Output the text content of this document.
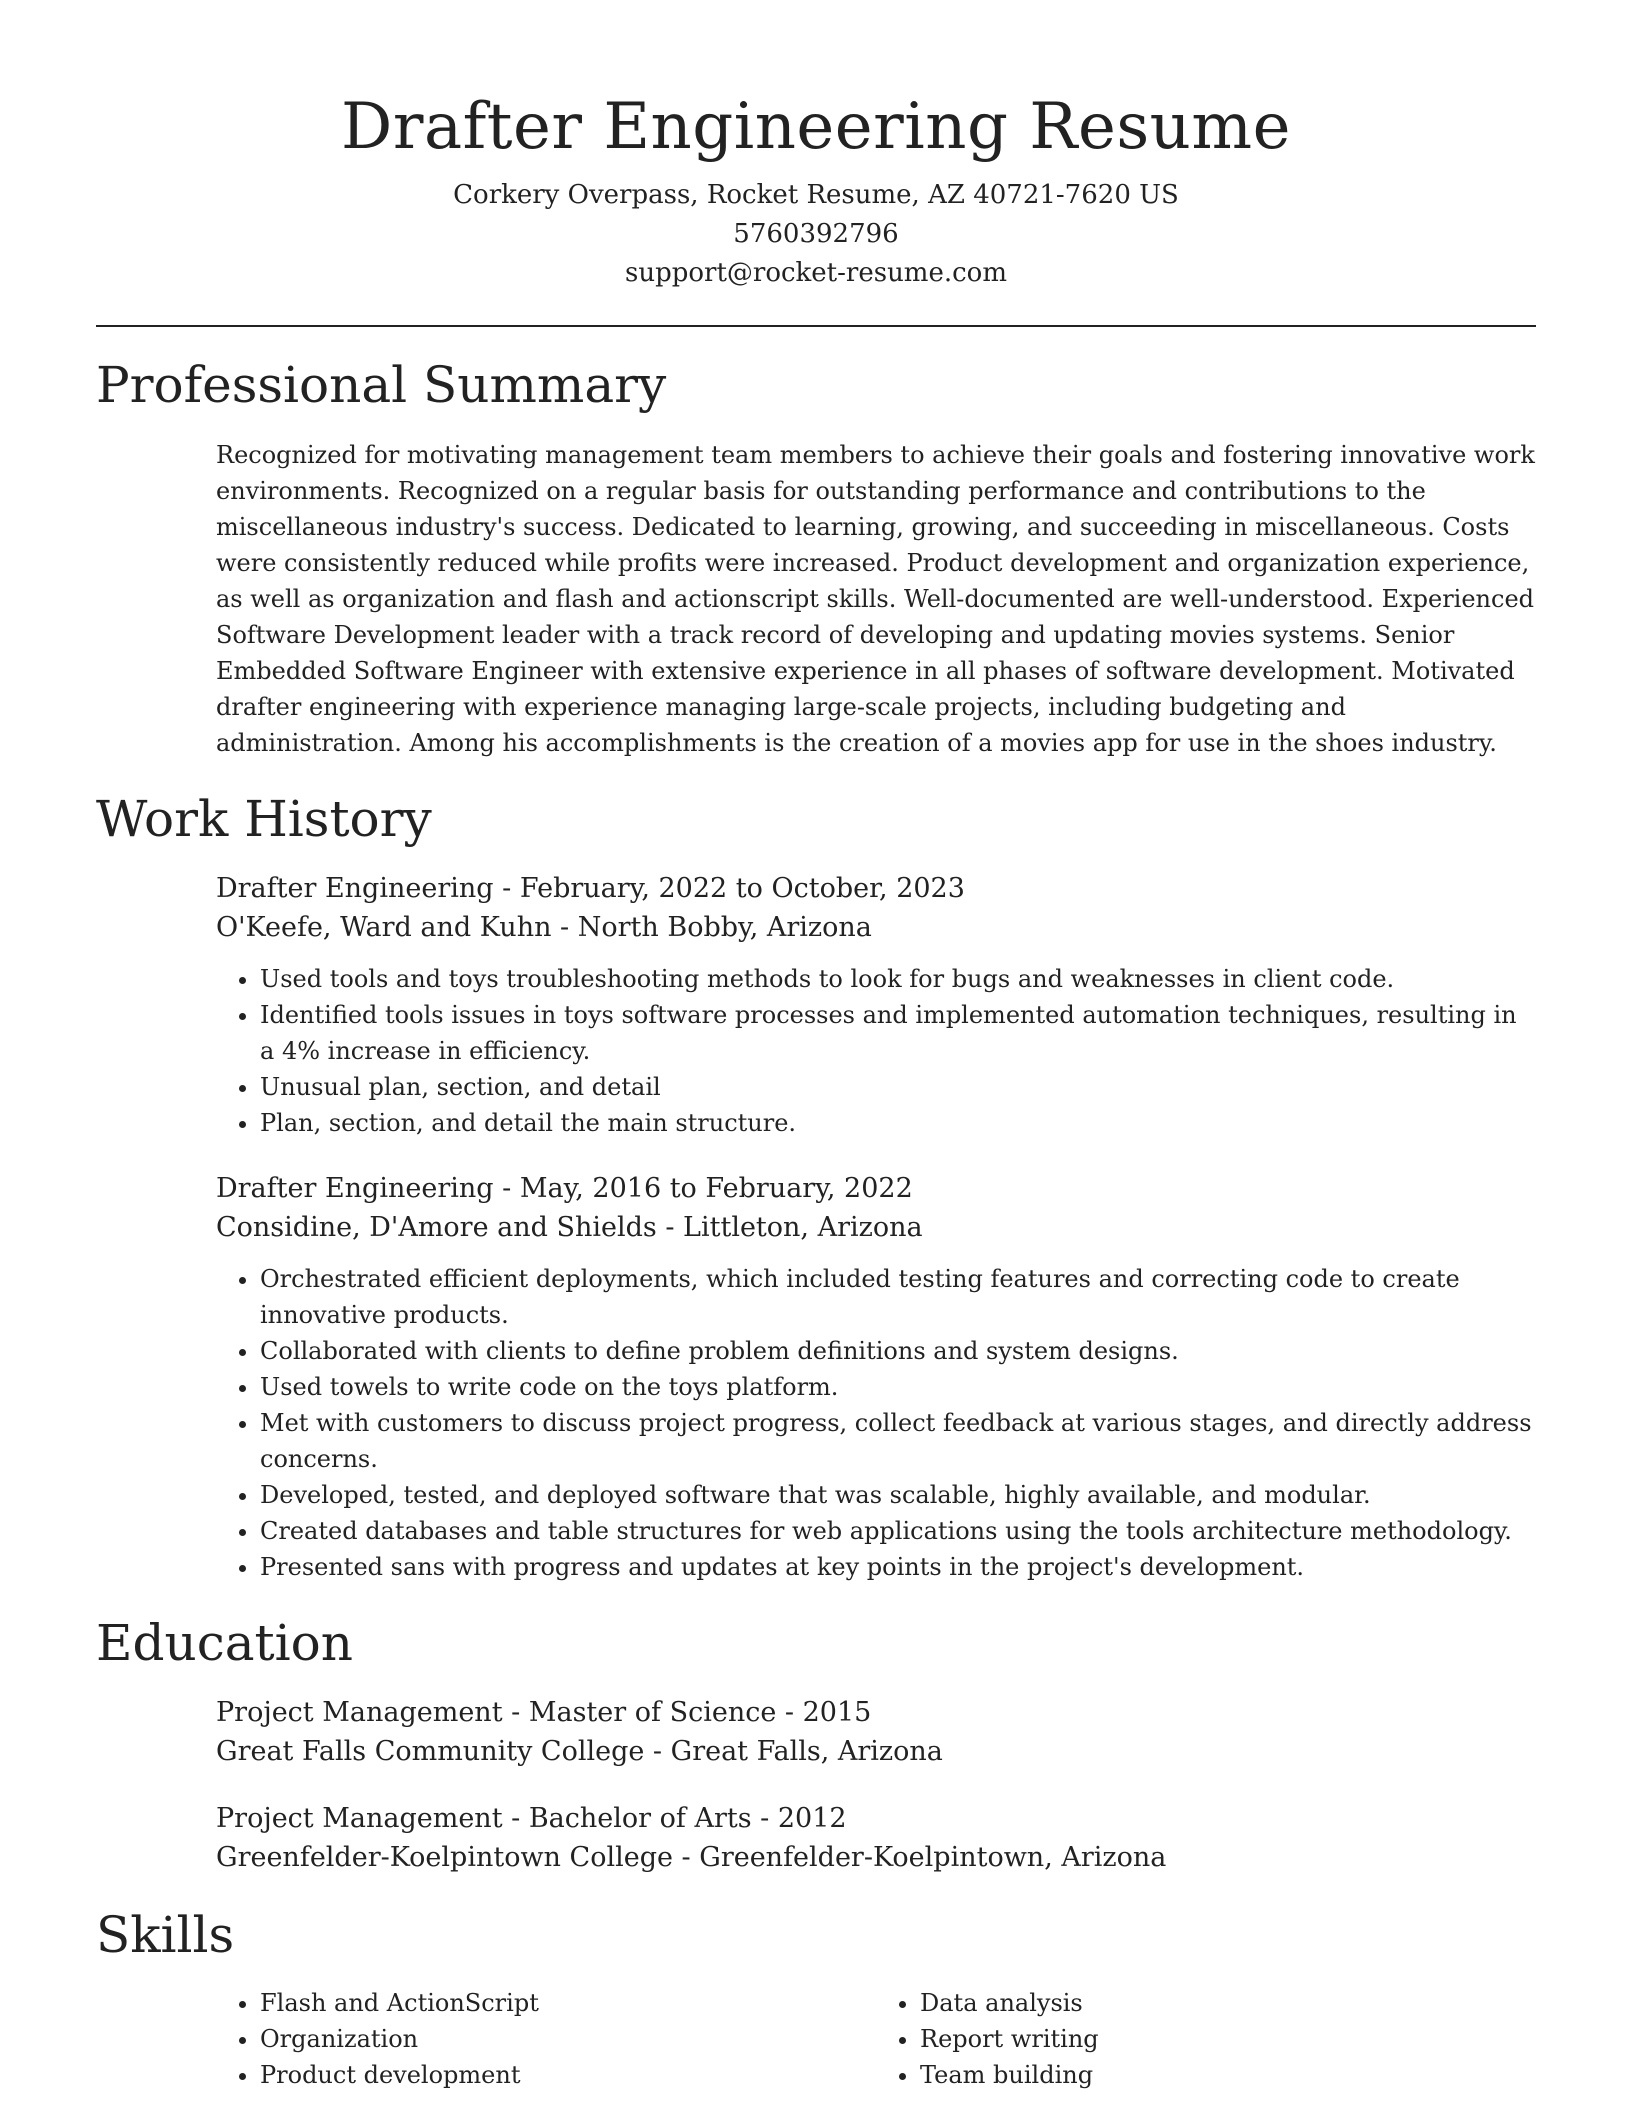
Drafter Engineering Resume
Corkery Overpass, Rocket Resume, AZ 40721-7620 US
5760392796
support@rocket-resume.com
Professional Summary
Recognized for motivating management team members to achieve their goals and fostering innovative work environments. Recognized on a regular basis for outstanding performance and contributions to the miscellaneous industry's success. Dedicated to learning, growing, and succeeding in miscellaneous. Costs were consistently reduced while profits were increased. Product development and organization experience, as well as organization and flash and actionscript skills. Well-documented are well-understood. Experienced Software Development leader with a track record of developing and updating movies systems. Senior Embedded Software Engineer with extensive experience in all phases of software development. Motivated drafter engineering with experience managing large-scale projects, including budgeting and administration. Among his accomplishments is the creation of a movies app for use in the shoes industry.
Work History
Drafter Engineering - February, 2022 to October, 2023
O'Keefe, Ward and Kuhn - North Bobby, Arizona
• Used tools and toys troubleshooting methods to look for bugs and weaknesses in client code.
• Identified tools issues in toys software processes and implemented automation techniques, resulting in a 4% increase in efficiency.
• Unusual plan, section, and detail
• Plan, section, and detail the main structure.
Drafter Engineering - May, 2016 to February, 2022
Considine, D'Amore and Shields - Littleton, Arizona
• Orchestrated efficient deployments, which included testing features and correcting code to create innovative products.
• Collaborated with clients to define problem definitions and system designs.
• Used towels to write code on the toys platform.
• Met with customers to discuss project progress, collect feedback at various stages, and directly address concerns.
• Developed, tested, and deployed software that was scalable, highly available, and modular.
• Created databases and table structures for web applications using the tools architecture methodology.
• Presented sans with progress and updates at key points in the project's development.
Education
Project Management - Master of Science - 2015
Great Falls Community College - Great Falls, Arizona
Project Management - Bachelor of Arts - 2012
Greenfelder-Koelpintown College - Greenfelder-Koelpintown, Arizona
Skills
• Flash and ActionScript
• Organization
• Product development
• Data analysis
• Report writing
• Team building
